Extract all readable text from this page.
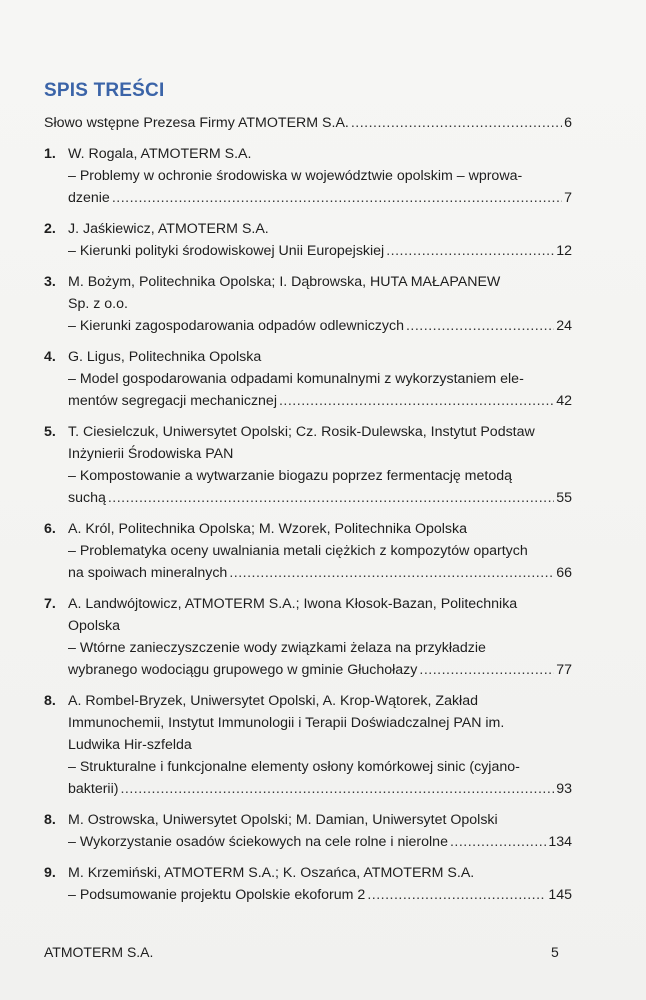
SPIS TREŚCI
Słowo wstępne Prezesa Firmy ATMOTERM S.A. .....	6
1. W. Rogala, ATMOTERM S.A.
– Problemy w ochronie środowiska w województwie opolskim – wprowa-
dzenie .....	7
2. J. Jaśkiewicz, ATMOTERM S.A.
– Kierunki polityki środowiskowej Unii Europejskiej .....	12
3. M. Bożym, Politechnika Opolska; I. Dąbrowska, HUTA MAŁAPANEW
Sp. z o.o.
– Kierunki zagospodarowania odpadów odlewniczych .....	24
4. G. Ligus, Politechnika Opolska
– Model gospodarowania odpadami komunalnymi z wykorzystaniem ele-
mentów segregacji mechanicznej .....	42
5. T. Ciesielczuk, Uniwersytet Opolski; Cz. Rosik-Dulewska, Instytut Podstaw
Inżynierii Środowiska PAN
– Kompostowanie a wytwarzanie biogazu poprzez fermentację metodą
suchą .....	55
6. A. Król, Politechnika Opolska; M. Wzorek, Politechnika Opolska
– Problematyka oceny uwalniania metali ciężkich z kompozytów opartych
na spoiwach mineralnych .....	66
7. A. Landwójtowicz, ATMOTERM S.A.; Iwona Kłosok-Bazan, Politechnika
Opolska
– Wtórne zanieczyszczenie wody związkami żelaza na przykładzie
wybranego wodociągu grupowego w gminie Głuchołazy .....	77
8. A. Rombel-Bryzek, Uniwersytet Opolski, A. Krop-Wątorek, Zakład
Immunochemii, Instytut Immunologii i Terapii Doświadczalnej PAN im.
Ludwika Hir-szfelda
– Strukturalne i funkcjonalne elementy osłony komórkowej sinic (cyjano-
bakterii) .....	93
8. M. Ostrowska, Uniwersytet Opolski; M. Damian, Uniwersytet Opolski
– Wykorzystanie osadów ściekowych na cele rolne i nierolne .....	134
9. M. Krzemiński, ATMOTERM S.A.; K. Oszańca, ATMOTERM S.A.
– Podsumowanie projektu Opolskie ekoforum 2 .....	145
ATMOTERM S.A.	5
